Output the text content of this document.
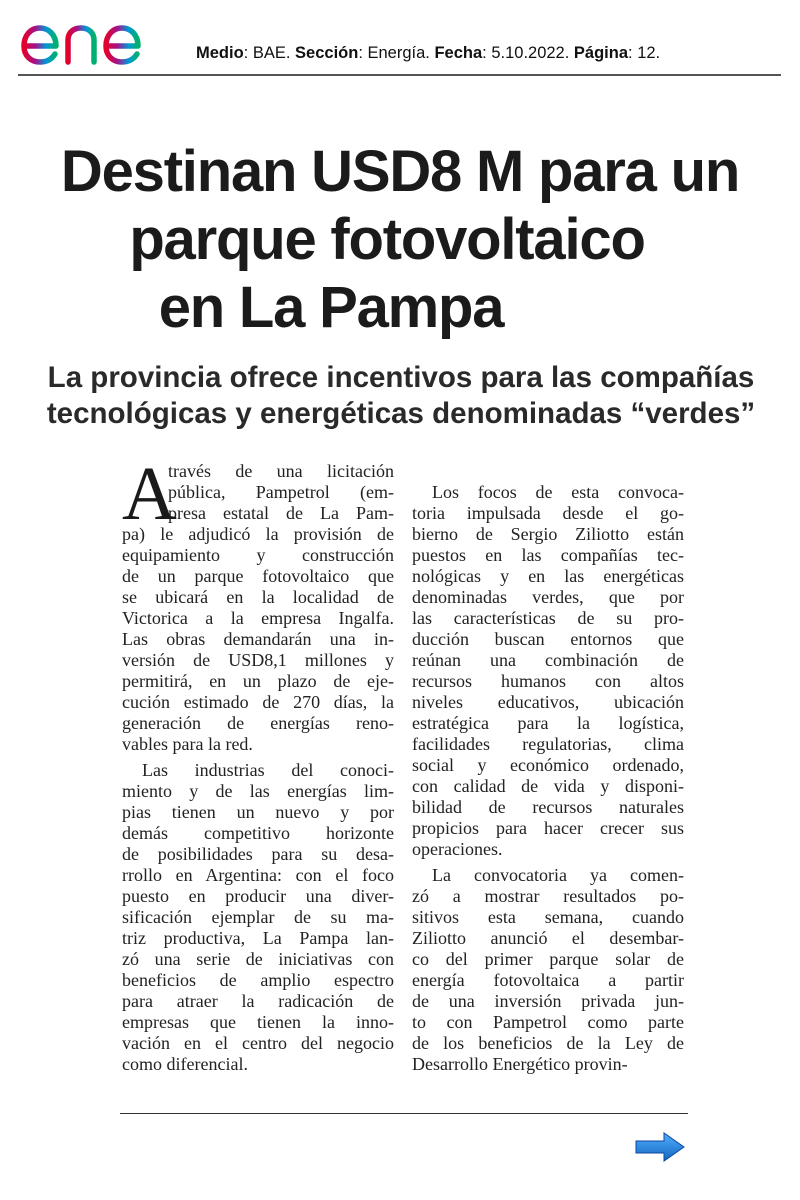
Medio: BAE. Sección: Energía. Fecha: 5.10.2022. Página: 12.
Destinan USD8 M para un
parque fotovoltaico
en La Pampa
La provincia ofrece incentivos para las compañías
tecnológicas y energéticas denominadas “verdes”
A
través de una licitación
pública, Pampetrol (em-
presa estatal de La Pam-
pa) le adjudicó la provisión de
equipamiento y construcción
de un parque fotovoltaico que
se ubicará en la localidad de
Victorica a la empresa Ingalfa.
Las obras demandarán una in-
versión de USD8,1 millones y
permitirá, en un plazo de eje-
cución estimado de 270 días, la
generación de energías reno-
vables para la red.
Las industrias del conoci-
miento y de las energías lim-
pias tienen un nuevo y por
demás competitivo horizonte
de posibilidades para su desa-
rrollo en Argentina: con el foco
puesto en producir una diver-
sificación ejemplar de su ma-
triz productiva, La Pampa lan-
zó una serie de iniciativas con
beneficios de amplio espectro
para atraer la radicación de
empresas que tienen la inno-
vación en el centro del negocio
como diferencial.
Los focos de esta convoca-
toria impulsada desde el go-
bierno de Sergio Ziliotto están
puestos en las compañías tec-
nológicas y en las energéticas
denominadas verdes, que por
las características de su pro-
ducción buscan entornos que
reúnan una combinación de
recursos humanos con altos
niveles educativos, ubicación
estratégica para la logística,
facilidades regulatorias, clima
social y económico ordenado,
con calidad de vida y disponi-
bilidad de recursos naturales
propicios para hacer crecer sus
operaciones.
La convocatoria ya comen-
zó a mostrar resultados po-
sitivos esta semana, cuando
Ziliotto anunció el desembar-
co del primer parque solar de
energía fotovoltaica a partir
de una inversión privada jun-
to con Pampetrol como parte
de los beneficios de la Ley de
Desarrollo Energético provin-
